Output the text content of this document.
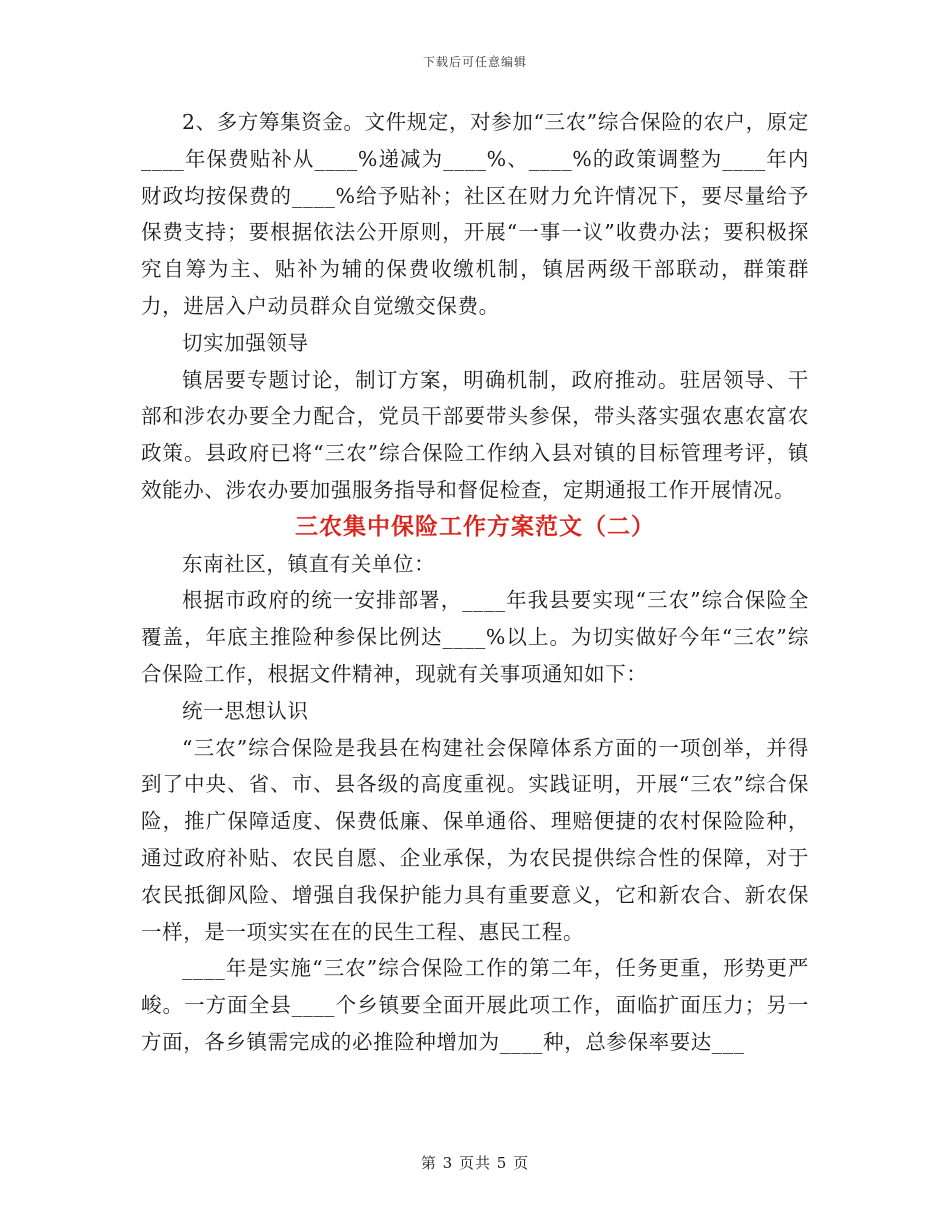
下载后可任意编辑

2、多方筹集资金。文件规定，对参加“三农”综合保险的农户，原定____年保费贴补从____%递减为____%、____%的政策调整为____年内财政均按保费的____%给予贴补；社区在财力允许情况下，要尽量给予保费支持；要根据依法公开原则，开展“一事一议”收费办法；要积极探究自筹为主、贴补为辅的保费收缴机制，镇居两级干部联动，群策群力，进居入户动员群众自觉缴交保费。

切实加强领导

镇居要专题讨论，制订方案，明确机制，政府推动。驻居领导、干部和涉农办要全力配合，党员干部要带头参保，带头落实强农惠农富农政策。县政府已将“三农”综合保险工作纳入县对镇的目标管理考评，镇效能办、涉农办要加强服务指导和督促检查，定期通报工作开展情况。

三农集中保险工作方案范文（二）

东南社区，镇直有关单位：

根据市政府的统一安排部署，____年我县要实现“三农”综合保险全覆盖，年底主推险种参保比例达____%以上。为切实做好今年“三农”综合保险工作，根据文件精神，现就有关事项通知如下：

统一思想认识

“三农”综合保险是我县在构建社会保障体系方面的一项创举，并得到了中央、省、市、县各级的高度重视。实践证明，开展“三农”综合保险，推广保障适度、保费低廉、保单通俗、理赔便捷的农村保险险种，通过政府补贴、农民自愿、企业承保，为农民提供综合性的保障，对于农民抵御风险、增强自我保护能力具有重要意义，它和新农合、新农保一样，是一项实实在在的民生工程、惠民工程。

____年是实施“三农”综合保险工作的第二年，任务更重，形势更严峻。一方面全县____个乡镇要全面开展此项工作，面临扩面压力；另一方面，各乡镇需完成的必推险种增加为____种，总参保率要达___

第 3 页共 5 页
